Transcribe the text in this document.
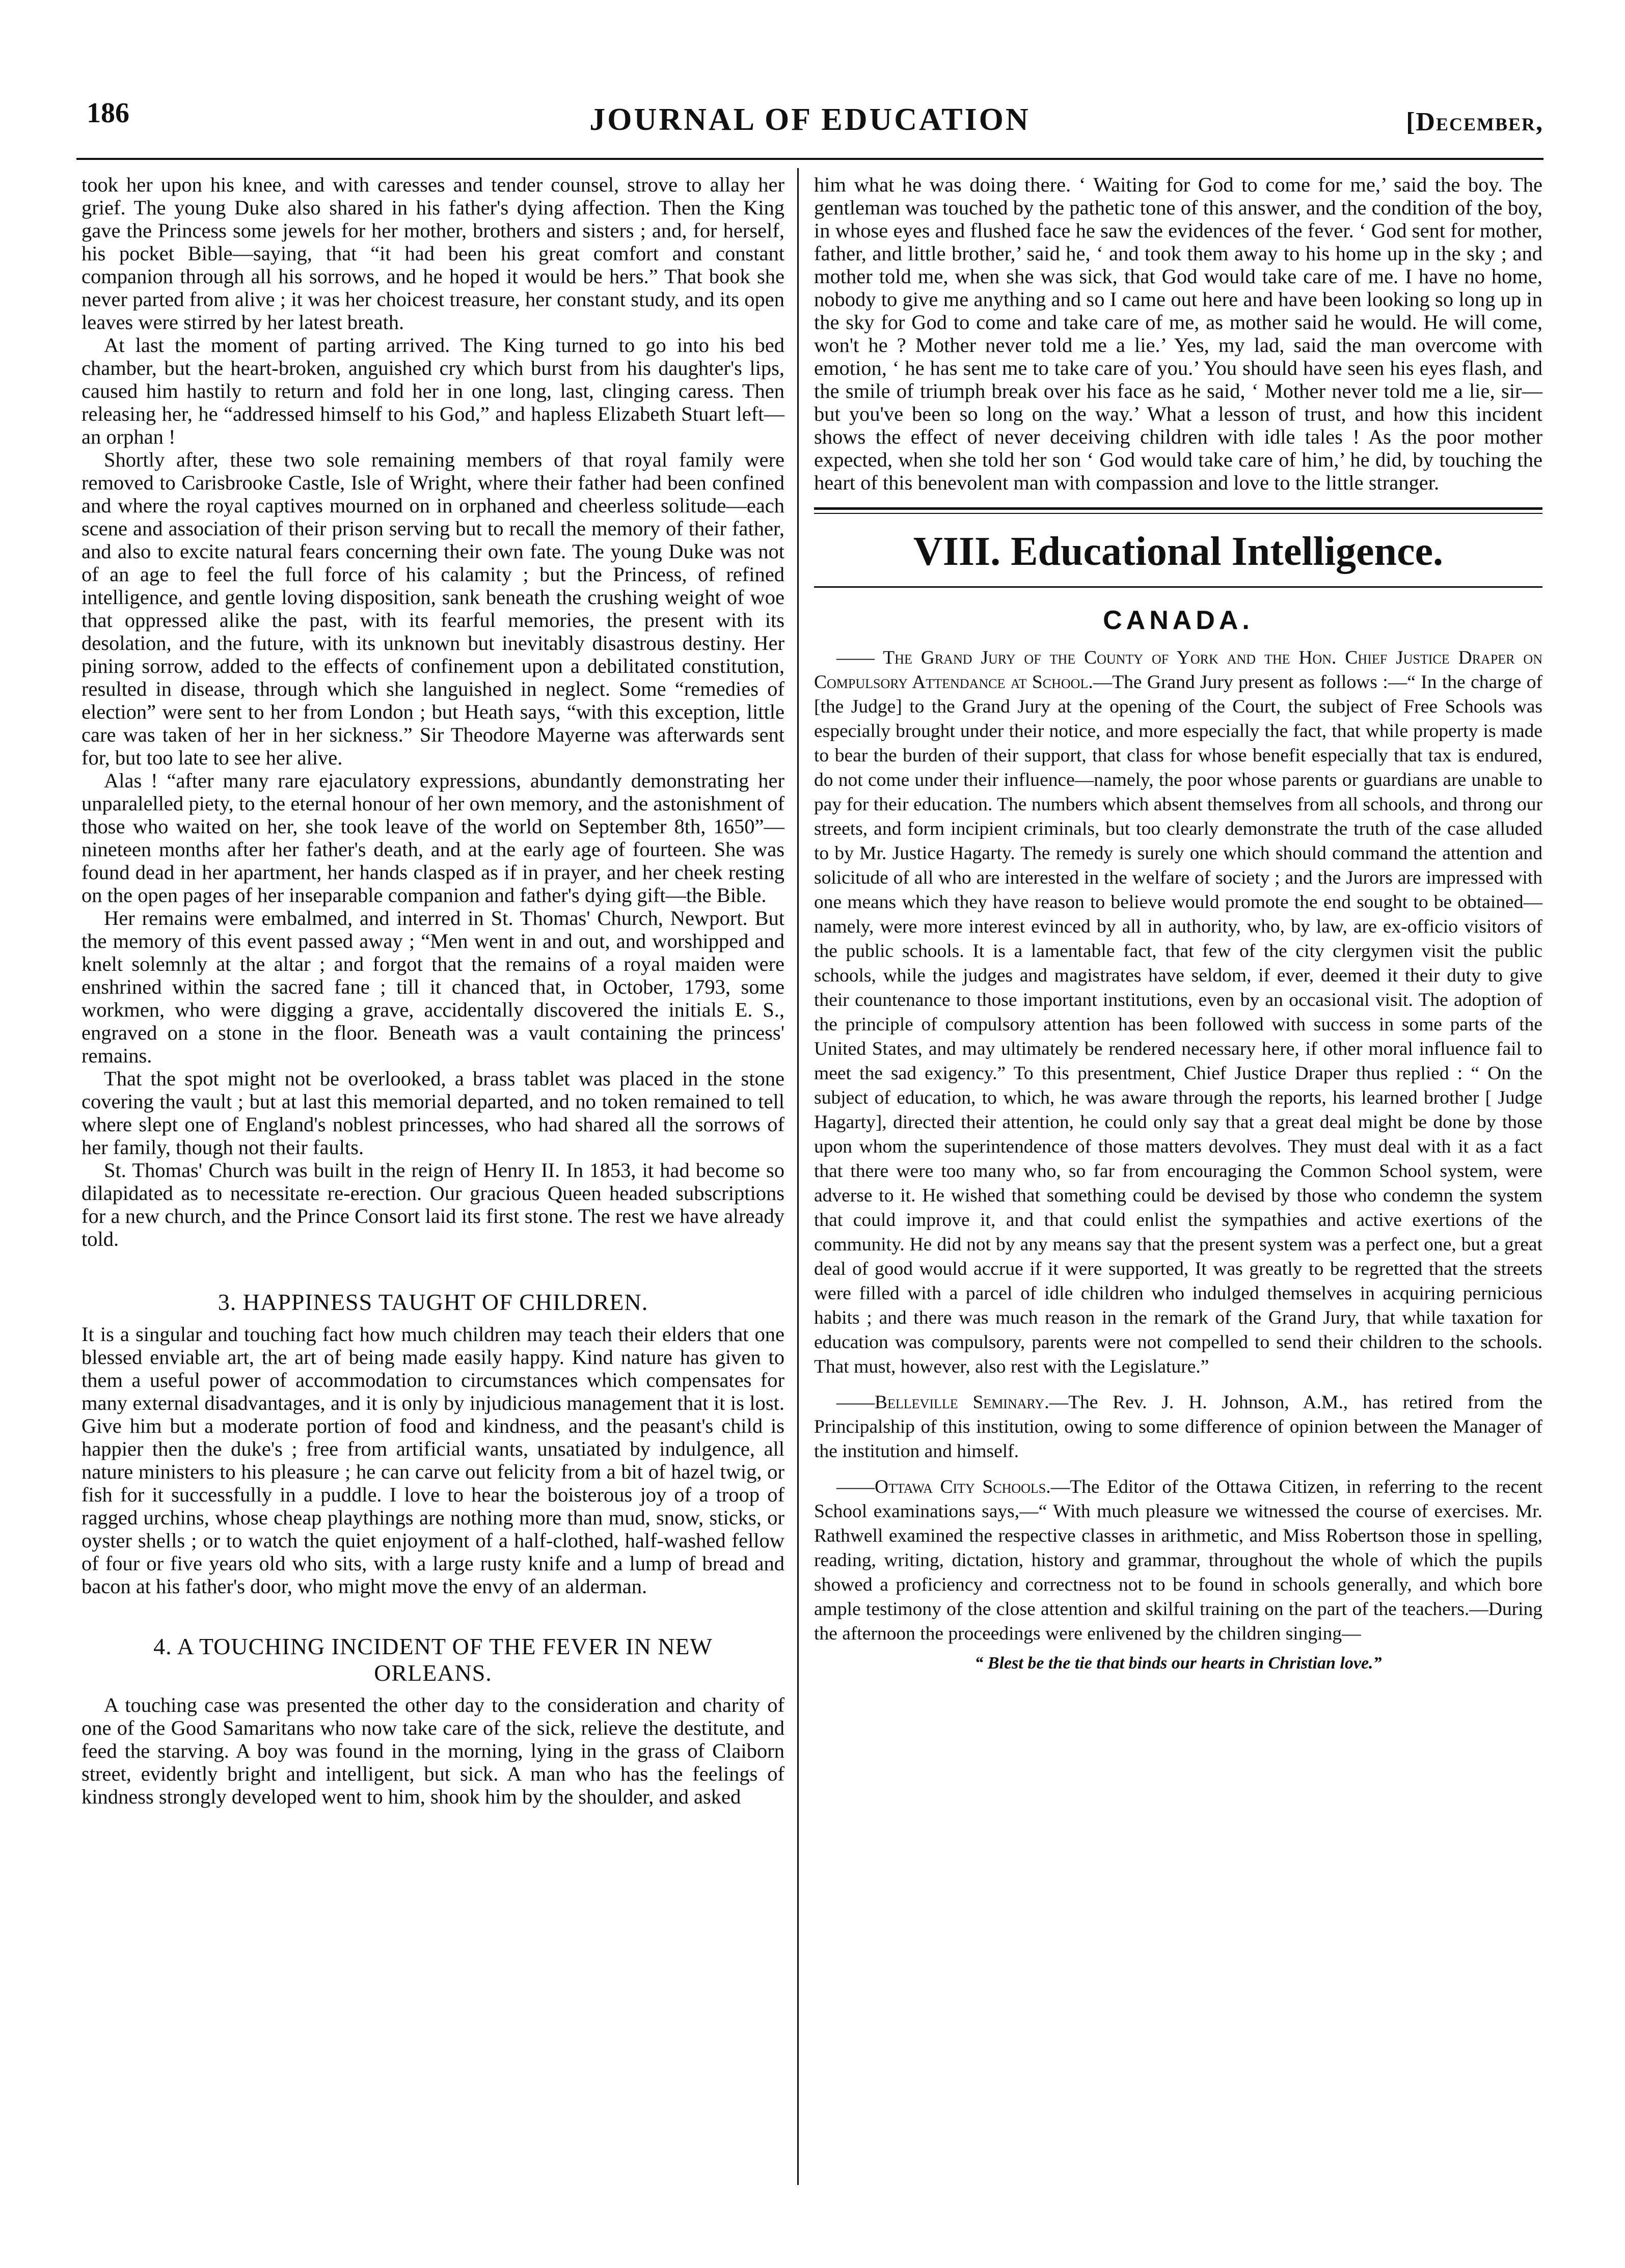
186	JOURNAL OF EDUCATION	[December,

took her upon his knee, and with caresses and tender counsel, strove to allay her grief. The young Duke also shared in his father's dying affection. Then the King gave the Princess some jewels for her mother, brothers and sisters ; and, for herself, his pocket Bible—saying, that “it had been his great comfort and constant companion through all his sorrows, and he hoped it would be hers.” That book she never parted from alive ; it was her choicest treasure, her constant study, and its open leaves were stirred by her latest breath.

At last the moment of parting arrived. The King turned to go into his bed chamber, but the heart-broken, anguished cry which burst from his daughter's lips, caused him hastily to return and fold her in one long, last, clinging caress. Then releasing her, he “addressed himself to his God,” and hapless Elizabeth Stuart left—an orphan !

Shortly after, these two sole remaining members of that royal family were removed to Carisbrooke Castle, Isle of Wright, where their father had been confined and where the royal captives mourned on in orphaned and cheerless solitude—each scene and association of their prison serving but to recall the memory of their father, and also to excite natural fears concerning their own fate. The young Duke was not of an age to feel the full force of his calamity ; but the Princess, of refined intelligence, and gentle loving disposition, sank beneath the crushing weight of woe that oppressed alike the past, with its fearful memories, the present with its desolation, and the future, with its unknown but inevitably disastrous destiny. Her pining sorrow, added to the effects of confinement upon a debilitated constitution, resulted in disease, through which she languished in neglect. Some “remedies of election” were sent to her from London ; but Heath says, “with this exception, little care was taken of her in her sickness.” Sir Theodore Mayerne was afterwards sent for, but too late to see her alive.

Alas ! “after many rare ejaculatory expressions, abundantly demonstrating her unparalelled piety, to the eternal honour of her own memory, and the astonishment of those who waited on her, she took leave of the world on September 8th, 1650”—nineteen months after her father's death, and at the early age of fourteen. She was found dead in her apartment, her hands clasped as if in prayer, and her cheek resting on the open pages of her inseparable companion and father's dying gift—the Bible.

Her remains were embalmed, and interred in St. Thomas' Church, Newport. But the memory of this event passed away ; “Men went in and out, and worshipped and knelt solemnly at the altar ; and forgot that the remains of a royal maiden were enshrined within the sacred fane ; till it chanced that, in October, 1793, some workmen, who were digging a grave, accidentally discovered the initials E. S., engraved on a stone in the floor. Beneath was a vault containing the princess' remains.

That the spot might not be overlooked, a brass tablet was placed in the stone covering the vault ; but at last this memorial departed, and no token remained to tell where slept one of England's noblest princesses, who had shared all the sorrows of her family, though not their faults.

St. Thomas' Church was built in the reign of Henry II. In 1853, it had become so dilapidated as to necessitate re-erection. Our gracious Queen headed subscriptions for a new church, and the Prince Consort laid its first stone. The rest we have already told.

3. HAPPINESS TAUGHT OF CHILDREN.

It is a singular and touching fact how much children may teach their elders that one blessed enviable art, the art of being made easily happy. Kind nature has given to them a useful power of accommodation to circumstances which compensates for many external disadvantages, and it is only by injudicious management that it is lost. Give him but a moderate portion of food and kindness, and the peasant's child is happier then the duke's ; free from artificial wants, unsatiated by indulgence, all nature ministers to his pleasure ; he can carve out felicity from a bit of hazel twig, or fish for it successfully in a puddle. I love to hear the boisterous joy of a troop of ragged urchins, whose cheap playthings are nothing more than mud, snow, sticks, or oyster shells ; or to watch the quiet enjoyment of a half-clothed, half-washed fellow of four or five years old who sits, with a large rusty knife and a lump of bread and bacon at his father's door, who might move the envy of an alderman.

4. A TOUCHING INCIDENT OF THE FEVER IN NEW ORLEANS.

A touching case was presented the other day to the consideration and charity of one of the Good Samaritans who now take care of the sick, relieve the destitute, and feed the starving. A boy was found in the morning, lying in the grass of Claiborn street, evidently bright and intelligent, but sick. A man who has the feelings of kindness strongly developed went to him, shook him by the shoulder, and asked

him what he was doing there. ‘ Waiting for God to come for me,’ said the boy. The gentleman was touched by the pathetic tone of this answer, and the condition of the boy, in whose eyes and flushed face he saw the evidences of the fever. ‘ God sent for mother, father, and little brother,’ said he, ‘ and took them away to his home up in the sky ; and mother told me, when she was sick, that God would take care of me. I have no home, nobody to give me anything and so I came out here and have been looking so long up in the sky for God to come and take care of me, as mother said he would. He will come, won't he ? Mother never told me a lie.’ Yes, my lad, said the man overcome with emotion, ‘ he has sent me to take care of you.’ You should have seen his eyes flash, and the smile of triumph break over his face as he said, ‘ Mother never told me a lie, sir—but you've been so long on the way.’ What a lesson of trust, and how this incident shows the effect of never deceiving children with idle tales ! As the poor mother expected, when she told her son ‘ God would take care of him,’ he did, by touching the heart of this benevolent man with compassion and love to the little stranger.

VIII. Educational Intelligence.
CANADA.

—— The Grand Jury of the County of York and the Hon. Chief Justice Draper on Compulsory Attendance at School.—The Grand Jury present as follows :—“ In the charge of [the Judge] to the Grand Jury at the opening of the Court, the subject of Free Schools was especially brought under their notice, and more especially the fact, that while property is made to bear the burden of their support, that class for whose benefit especially that tax is endured, do not come under their influence—namely, the poor whose parents or guardians are unable to pay for their education. The numbers which absent themselves from all schools, and throng our streets, and form incipient criminals, but too clearly demonstrate the truth of the case alluded to by Mr. Justice Hagarty. The remedy is surely one which should command the attention and solicitude of all who are interested in the welfare of society ; and the Jurors are impressed with one means which they have reason to believe would promote the end sought to be obtained—namely, were more interest evinced by all in authority, who, by law, are ex-officio visitors of the public schools. It is a lamentable fact, that few of the city clergymen visit the public schools, while the judges and magistrates have seldom, if ever, deemed it their duty to give their countenance to those important institutions, even by an occasional visit. The adoption of the principle of compulsory attention has been followed with success in some parts of the United States, and may ultimately be rendered necessary here, if other moral influence fail to meet the sad exigency.” To this presentment, Chief Justice Draper thus replied : “ On the subject of education, to which, he was aware through the reports, his learned brother [ Judge Hagarty], directed their attention, he could only say that a great deal might be done by those upon whom the superintendence of those matters devolves. They must deal with it as a fact that there were too many who, so far from encouraging the Common School system, were adverse to it. He wished that something could be devised by those who condemn the system that could improve it, and that could enlist the sympathies and active exertions of the community. He did not by any means say that the present system was a perfect one, but a great deal of good would accrue if it were supported, It was greatly to be regretted that the streets were filled with a parcel of idle children who indulged themselves in acquiring pernicious habits ; and there was much reason in the remark of the Grand Jury, that while taxation for education was compulsory, parents were not compelled to send their children to the schools. That must, however, also rest with the Legislature.”

——Belleville Seminary.—The Rev. J. H. Johnson, A.M., has retired from the Principalship of this institution, owing to some difference of opinion between the Manager of the institution and himself.

——Ottawa City Schools.—The Editor of the Ottawa Citizen, in referring to the recent School examinations says,—“ With much pleasure we witnessed the course of exercises. Mr. Rathwell examined the respective classes in arithmetic, and Miss Robertson those in spelling, reading, writing, dictation, history and grammar, throughout the whole of which the pupils showed a proficiency and correctness not to be found in schools generally, and which bore ample testimony of the close attention and skilful training on the part of the teachers.—During the afternoon the proceedings were enlivened by the children singing—

“ Blest be the tie that binds our hearts in Christian love.”
